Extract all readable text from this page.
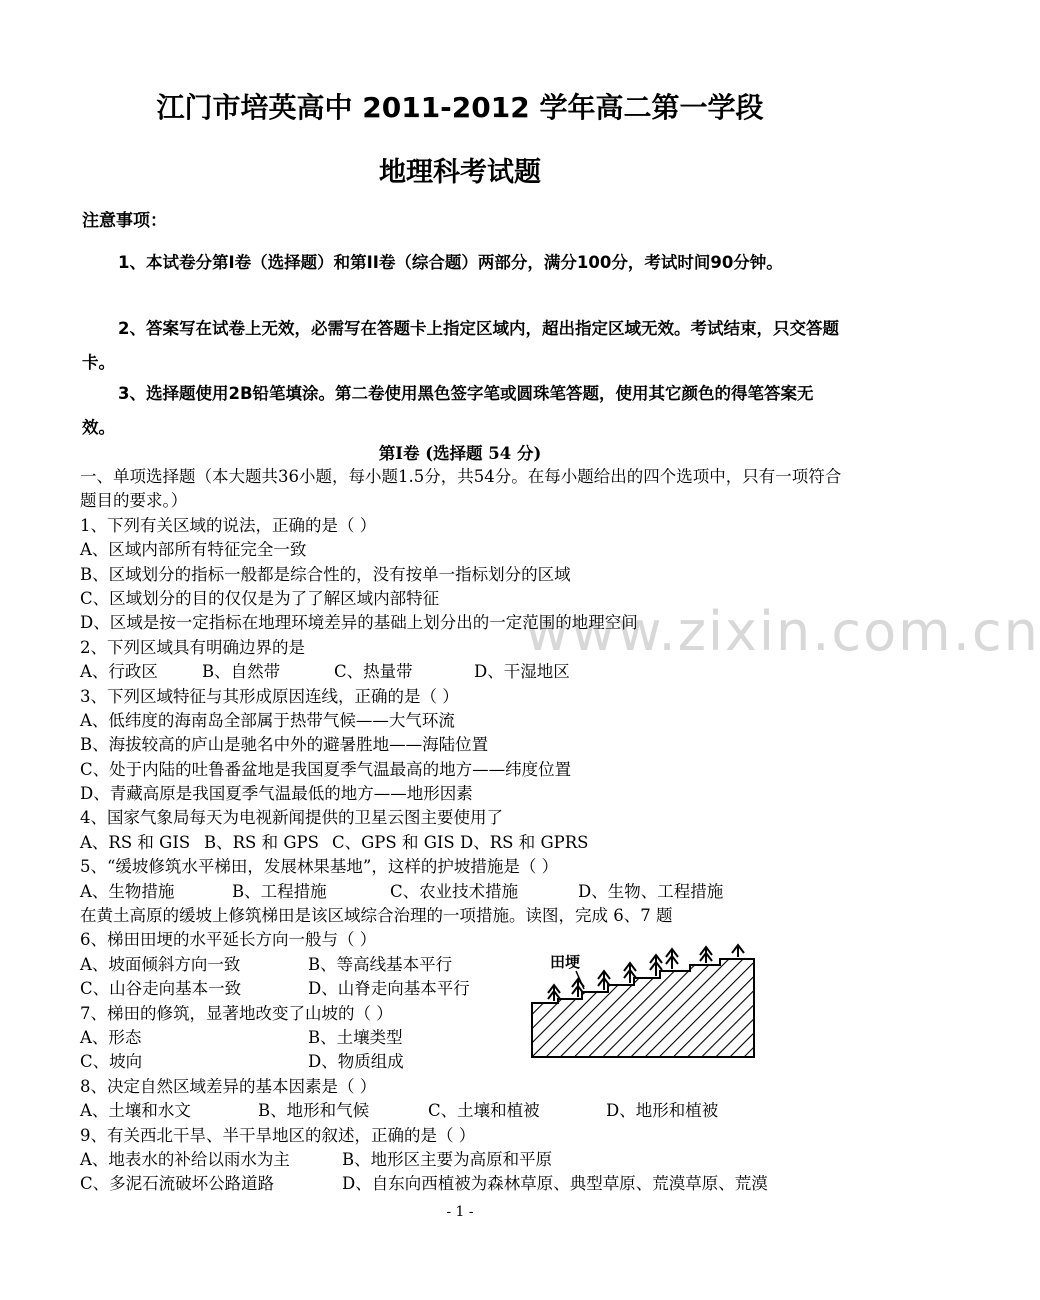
江门市培英高中 2011-2012 学年高二第一学段
地理科考试题
注意事项：
1、本试卷分第Ⅰ卷（选择题）和第II卷（综合题）两部分，满分100分，考试时间90分钟。
2、答案写在试卷上无效，必需写在答题卡上指定区域内，超出指定区域无效。考试结束，只交答题卡。
3、选择题使用2B铅笔填涂。第二卷使用黑色签字笔或圆珠笔答题，使用其它颜色的得笔答案无效。
第Ⅰ卷 (选择题 54 分)
www.zixin.com.cn
一、单项选择题（本大题共36小题，每小题1.5分，共54分。在每小题给出的四个选项中，只有一项符合题目的要求。）
1、下列有关区域的说法，正确的是（ ）
A、区域内部所有特征完全一致
B、区域划分的指标一般都是综合性的，没有按单一指标划分的区域
C、区域划分的目的仅仅是为了了解区域内部特征
D、区域是按一定指标在地理环境差异的基础上划分出的一定范围的地理空间
2、下列区域具有明确边界的是
A、行政区	B、自然带	C、热量带	D、干湿地区
3、下列区域特征与其形成原因连线，正确的是（ ）
A、低纬度的海南岛全部属于热带气候——大气环流
B、海拔较高的庐山是驰名中外的避暑胜地——海陆位置
C、处于内陆的吐鲁番盆地是我国夏季气温最高的地方——纬度位置
D、青藏高原是我国夏季气温最低的地方——地形因素
4、国家气象局每天为电视新闻提供的卫星云图主要使用了
A、RS 和 GIS B、RS 和 GPS C、GPS 和 GIS D、RS 和 GPRS
5、“缓坡修筑水平梯田，发展林果基地”，这样的护坡措施是（ ）
A、生物措施	B、工程措施	C、农业技术措施	D、生物、工程措施
在黄土高原的缓坡上修筑梯田是该区域综合治理的一项措施。读图，完成 6、7 题
6、梯田田埂的水平延长方向一般与（ ）
A、坡面倾斜方向一致	B、等高线基本平行
C、山谷走向基本一致	D、山脊走向基本平行
7、梯田的修筑，显著地改变了山坡的（ ）
A、形态	B、土壤类型
C、坡向	D、物质组成
8、决定自然区域差异的基本因素是（ ）
A、土壤和水文	B、地形和气候	C、土壤和植被	D、地形和植被
9、有关西北干旱、半干旱地区的叙述，正确的是（ ）
A、地表水的补给以雨水为主	B、地形区主要为高原和平原
C、多泥石流破坏公路道路	D、自东向西植被为森林草原、典型草原、荒漠草原、荒漠
田埂
- 1 -
